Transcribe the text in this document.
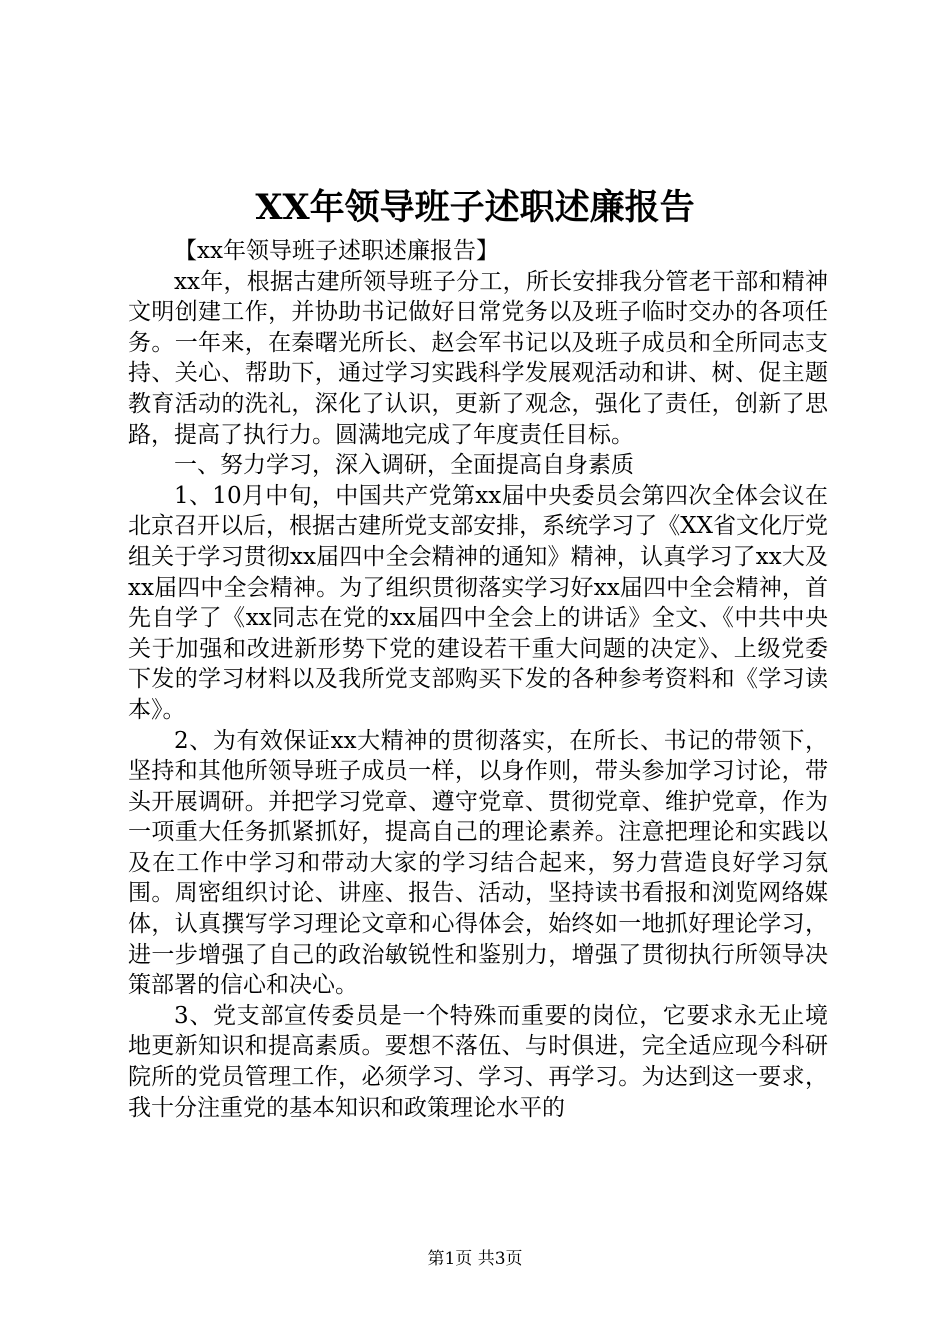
XX年领导班子述职述廉报告

【xx年领导班子述职述廉报告】

xx年，根据古建所领导班子分工，所长安排我分管老干部和精神文明创建工作，并协助书记做好日常党务以及班子临时交办的各项任务。一年来，在秦曙光所长、赵会军书记以及班子成员和全所同志支持、关心、帮助下，通过学习实践科学发展观活动和讲、树、促主题教育活动的洗礼，深化了认识，更新了观念，强化了责任，创新了思路，提高了执行力。圆满地完成了年度责任目标。

一、努力学习，深入调研，全面提高自身素质

1、10月中旬，中国共产党第xx届中央委员会第四次全体会议在北京召开以后，根据古建所党支部安排，系统学习了《XX省文化厅党组关于学习贯彻xx届四中全会精神的通知》精神，认真学习了xx大及xx届四中全会精神。为了组织贯彻落实学习好xx届四中全会精神，首先自学了《xx同志在党的xx届四中全会上的讲话》全文、《中共中央关于加强和改进新形势下党的建设若干重大问题的决定》、上级党委下发的学习材料以及我所党支部购买下发的各种参考资料和《学习读本》。

2、为有效保证xx大精神的贯彻落实，在所长、书记的带领下，坚持和其他所领导班子成员一样，以身作则，带头参加学习讨论，带头开展调研。并把学习党章、遵守党章、贯彻党章、维护党章，作为一项重大任务抓紧抓好，提高自己的理论素养。注意把理论和实践以及在工作中学习和带动大家的学习结合起来，努力营造良好学习氛围。周密组织讨论、讲座、报告、活动，坚持读书看报和浏览网络媒体，认真撰写学习理论文章和心得体会，始终如一地抓好理论学习，进一步增强了自己的政治敏锐性和鉴别力，增强了贯彻执行所领导决策部署的信心和决心。

3、党支部宣传委员是一个特殊而重要的岗位，它要求永无止境地更新知识和提高素质。要想不落伍、与时俱进，完全适应现今科研院所的党员管理工作，必须学习、学习、再学习。为达到这一要求，我十分注重党的基本知识和政策理论水平的

第1页 共3页
